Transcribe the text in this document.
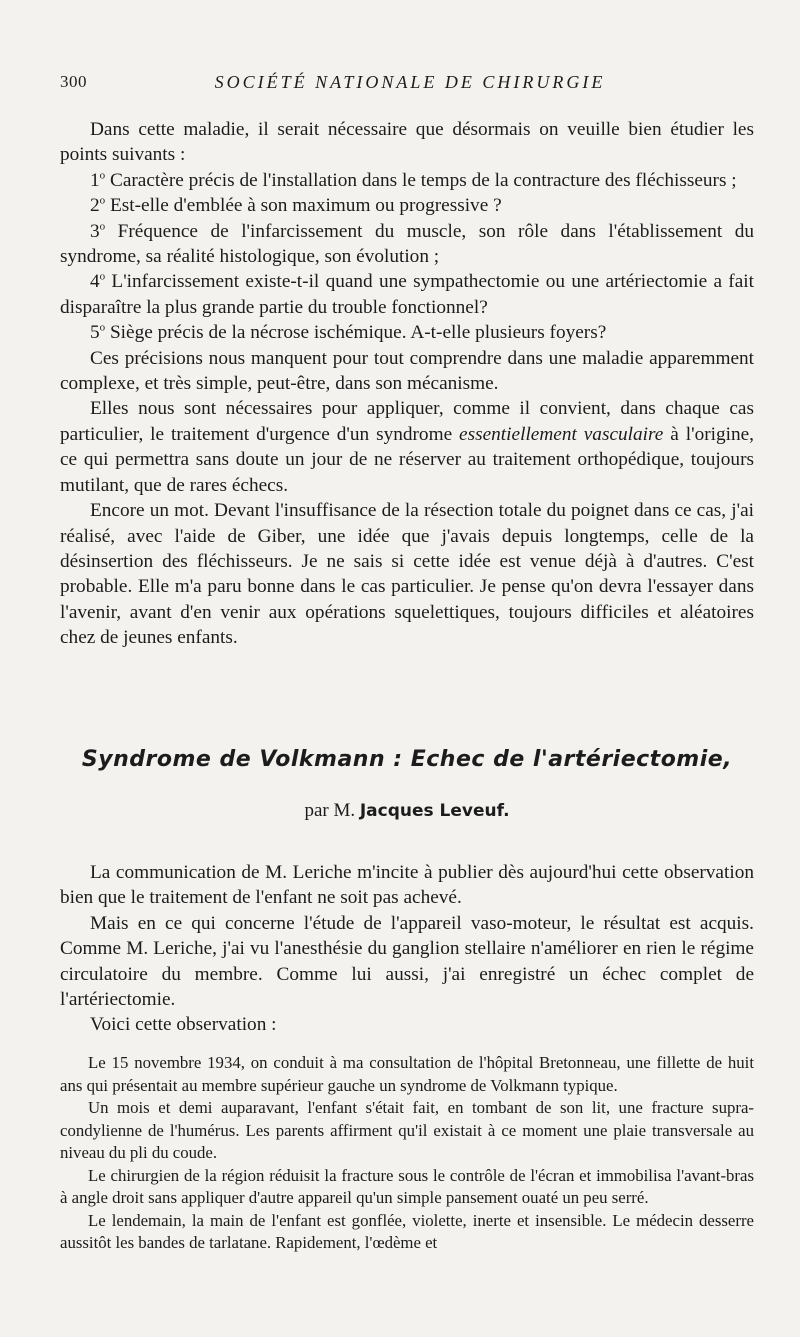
300	SOCIÉTÉ NATIONALE DE CHIRURGIE

Dans cette maladie, il serait nécessaire que désormais on veuille bien étudier les points suivants :

1$^o$ Caractère précis de l'installation dans le temps de la contracture des fléchisseurs ;

2$^o$ Est-elle d'emblée à son maximum ou progressive ?

3$^o$ Fréquence de l'infarcissement du muscle, son rôle dans l'établissement du syndrome, sa réalité histologique, son évolution ;

4$^o$ L'infarcissement existe-t-il quand une sympathectomie ou une artériectomie a fait disparaître la plus grande partie du trouble fonctionnel?

5$^o$ Siège précis de la nécrose ischémique. A-t-elle plusieurs foyers?

Ces précisions nous manquent pour tout comprendre dans une maladie apparemment complexe, et très simple, peut-être, dans son mécanisme.

Elles nous sont nécessaires pour appliquer, comme il convient, dans chaque cas particulier, le traitement d'urgence d'un syndrome essentiellement vasculaire à l'origine, ce qui permettra sans doute un jour de ne réserver au traitement orthopédique, toujours mutilant, que de rares échecs.

Encore un mot. Devant l'insuffisance de la résection totale du poignet dans ce cas, j'ai réalisé, avec l'aide de Giber, une idée que j'avais depuis longtemps, celle de la désinsertion des fléchisseurs. Je ne sais si cette idée est venue déjà à d'autres. C'est probable. Elle m'a paru bonne dans le cas particulier. Je pense qu'on devra l'essayer dans l'avenir, avant d'en venir aux opérations squelettiques, toujours difficiles et aléatoires chez de jeunes enfants.

Syndrome de Volkmann : Echec de l'artériectomie,
par M. Jacques Leveuf.

La communication de M. Leriche m'incite à publier dès aujourd'hui cette observation bien que le traitement de l'enfant ne soit pas achevé.

Mais en ce qui concerne l'étude de l'appareil vaso-moteur, le résultat est acquis. Comme M. Leriche, j'ai vu l'anesthésie du ganglion stellaire n'améliorer en rien le régime circulatoire du membre. Comme lui aussi, j'ai enregistré un échec complet de l'artériectomie.

Voici cette observation :

Le 15 novembre 1934, on conduit à ma consultation de l'hôpital Bretonneau, une fillette de huit ans qui présentait au membre supérieur gauche un syndrome de Volkmann typique.

Un mois et demi auparavant, l'enfant s'était fait, en tombant de son lit, une fracture supra-condylienne de l'humérus. Les parents affirment qu'il existait à ce moment une plaie transversale au niveau du pli du coude.

Le chirurgien de la région réduisit la fracture sous le contrôle de l'écran et immobilisa l'avant-bras à angle droit sans appliquer d'autre appareil qu'un simple pansement ouaté un peu serré.

Le lendemain, la main de l'enfant est gonflée, violette, inerte et insensible. Le médecin desserre aussitôt les bandes de tarlatane. Rapidement, l'œdème et
